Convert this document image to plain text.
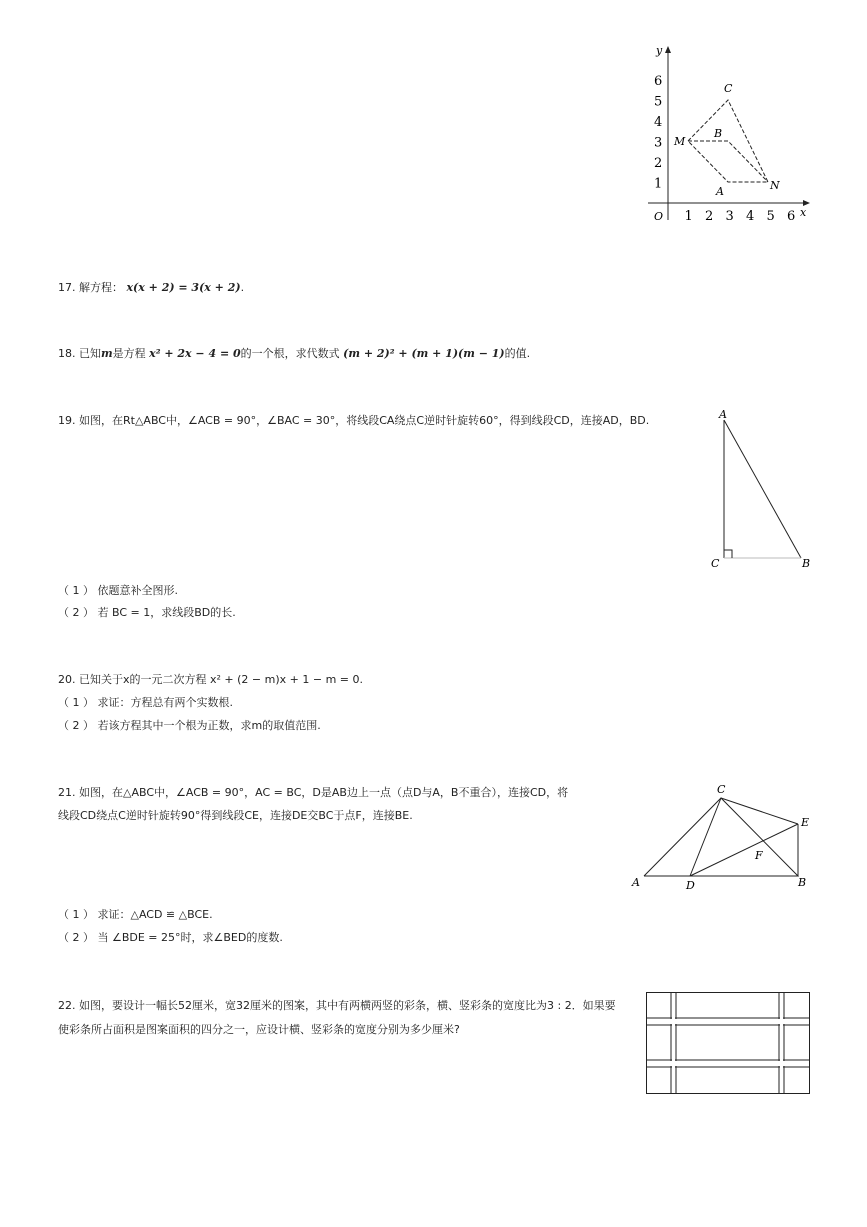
y
x
O 1 2 3 4 5 6
1
2
3
4
5
6	C
B
M
A	N
17. 解方程： x(x + 2) = 3(x + 2).
18. 已知m是方程 x² + 2x − 4 = 0的一个根，求代数式 (m + 2)² + (m + 1)(m − 1)的值.
19. 如图，在Rt△ABC中，∠ACB = 90°，∠BAC = 30°，将线段CA绕点C逆时针旋转60°，得到线段CD，连接AD，BD.	A
C	B
（ 1 ） 依题意补全图形.
（ 2 ） 若 BC = 1，求线段BD的长.
20. 已知关于x的一元二次方程 x² + (2 − m)x + 1 − m = 0.
（ 1 ） 求证：方程总有两个实数根.
（ 2 ） 若该方程其中一个根为正数，求m的取值范围.
21. 如图，在△ABC中，∠ACB = 90°，AC = BC，D是AB边上一点（点D与A，B不重合），连接CD，将
线段CD绕点C逆时针旋转90°得到线段CE，连接DE交BC于点F，连接BE.
C
E
F
A	D	B
（ 1 ） 求证：△ACD ≌ △BCE.
（ 2 ） 当 ∠BDE = 25°时，求∠BED的度数.
22. 如图，要设计一幅长52厘米，宽32厘米的图案，其中有两横两竖的彩条，横、竖彩条的宽度比为3 : 2．如果要
使彩条所占面积是图案面积的四分之一，应设计横、竖彩条的宽度分别为多少厘米?
